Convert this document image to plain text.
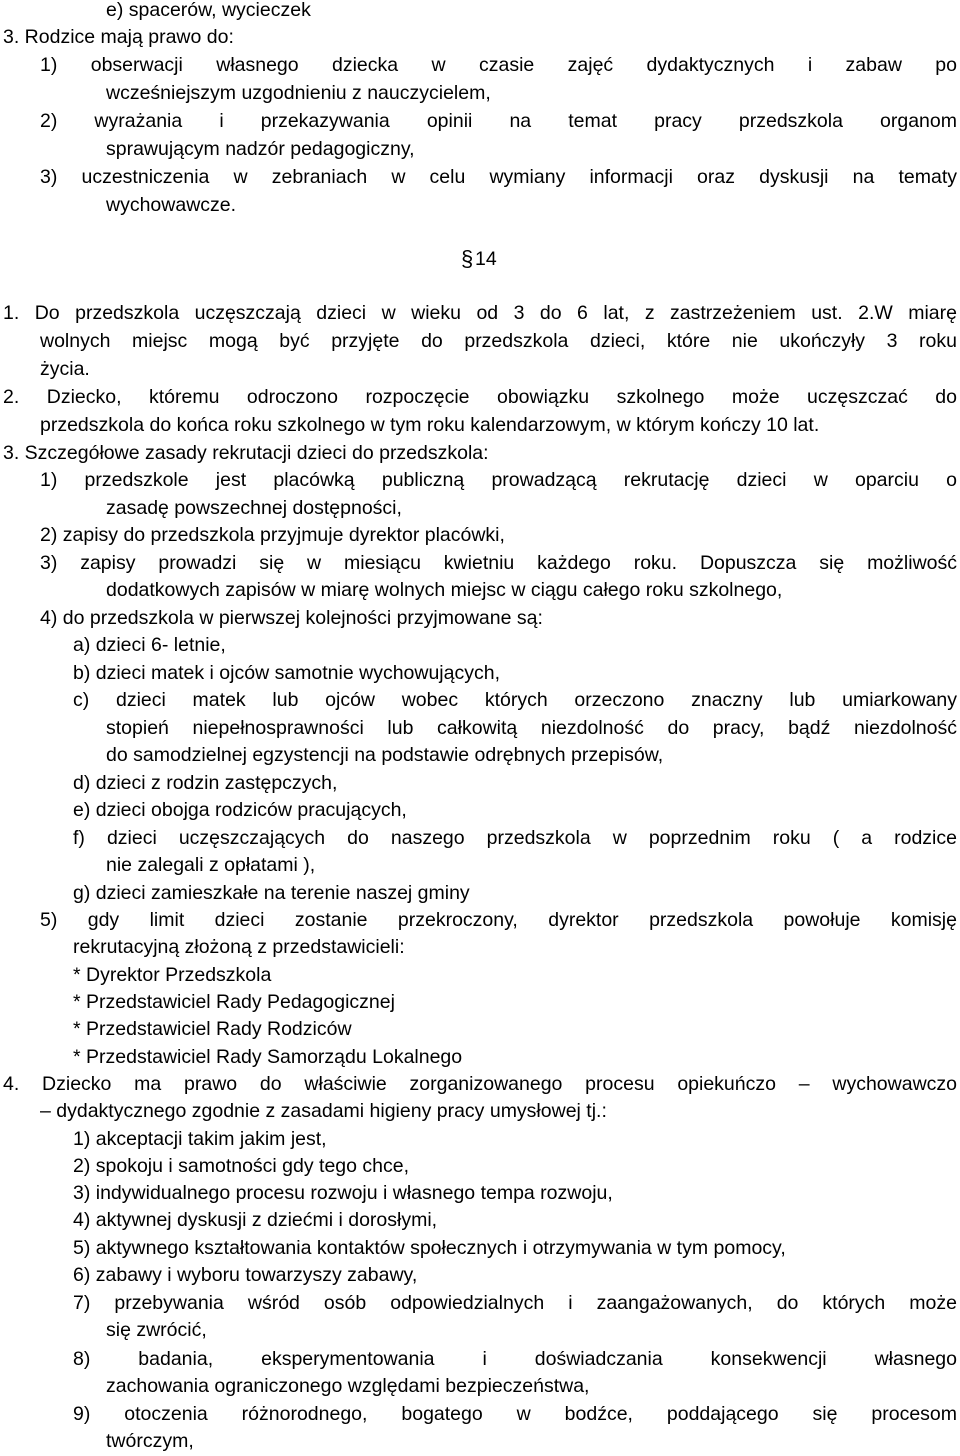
e) spacerów, wycieczek
3. Rodzice mają prawo do:
1) obserwacji własnego dziecka w czasie zajęć dydaktycznych i zabaw po
wcześniejszym uzgodnieniu z nauczycielem,
2) wyrażania i przekazywania opinii na temat pracy przedszkola organom
sprawującym nadzór pedagogiczny,
3) uczestniczenia w zebraniach w celu wymiany informacji oraz dyskusji na tematy
wychowawcze.
§ 14
1. Do przedszkola uczęszczają dzieci w wieku od 3 do 6 lat, z zastrzeżeniem ust. 2.W miarę
wolnych miejsc mogą być przyjęte do przedszkola dzieci, które nie ukończyły 3 roku
życia.
2. Dziecko, któremu odroczono rozpoczęcie obowiązku szkolnego może uczęszczać do
przedszkola do końca roku szkolnego w tym roku kalendarzowym, w którym kończy 10 lat.
3. Szczegółowe zasady rekrutacji dzieci do przedszkola:
1) przedszkole jest placówką publiczną prowadzącą rekrutację dzieci w oparciu o
zasadę powszechnej dostępności,
2) zapisy do przedszkola przyjmuje dyrektor placówki,
3) zapisy prowadzi się w miesiącu kwietniu każdego roku. Dopuszcza się możliwość
dodatkowych zapisów w miarę wolnych miejsc w ciągu całego roku szkolnego,
4) do przedszkola w pierwszej kolejności przyjmowane są:
a) dzieci 6- letnie,
b) dzieci matek i ojców samotnie wychowujących,
c) dzieci matek lub ojców wobec których orzeczono znaczny lub umiarkowany
stopień niepełnosprawności lub całkowitą niezdolność do pracy, bądź niezdolność
do samodzielnej egzystencji na podstawie odrębnych przepisów,
d) dzieci z rodzin zastępczych,
e) dzieci obojga rodziców pracujących,
f) dzieci uczęszczających do naszego przedszkola w poprzednim roku ( a rodzice
nie zalegali z opłatami ),
g) dzieci zamieszkałe na terenie naszej gminy
5) gdy limit dzieci zostanie przekroczony, dyrektor przedszkola powołuje komisję
rekrutacyjną złożoną z przedstawicieli:
* Dyrektor Przedszkola
* Przedstawiciel Rady Pedagogicznej
* Przedstawiciel Rady Rodziców
* Przedstawiciel Rady Samorządu Lokalnego
4. Dziecko ma prawo do właściwie zorganizowanego procesu opiekuńczo – wychowawczo
– dydaktycznego zgodnie z zasadami higieny pracy umysłowej tj.:
1) akceptacji takim jakim jest,
2) spokoju i samotności gdy tego chce,
3) indywidualnego procesu rozwoju i własnego tempa rozwoju,
4) aktywnej dyskusji z dziećmi i dorosłymi,
5) aktywnego kształtowania kontaktów społecznych i otrzymywania w tym pomocy,
6) zabawy i wyboru towarzyszy zabawy,
7) przebywania wśród osób odpowiedzialnych i zaangażowanych, do których może
się zwrócić,
8) badania, eksperymentowania i doświadczania konsekwencji własnego
zachowania ograniczonego względami bezpieczeństwa,
9) otoczenia różnorodnego, bogatego w bodźce, poddającego się procesom
twórczym,
